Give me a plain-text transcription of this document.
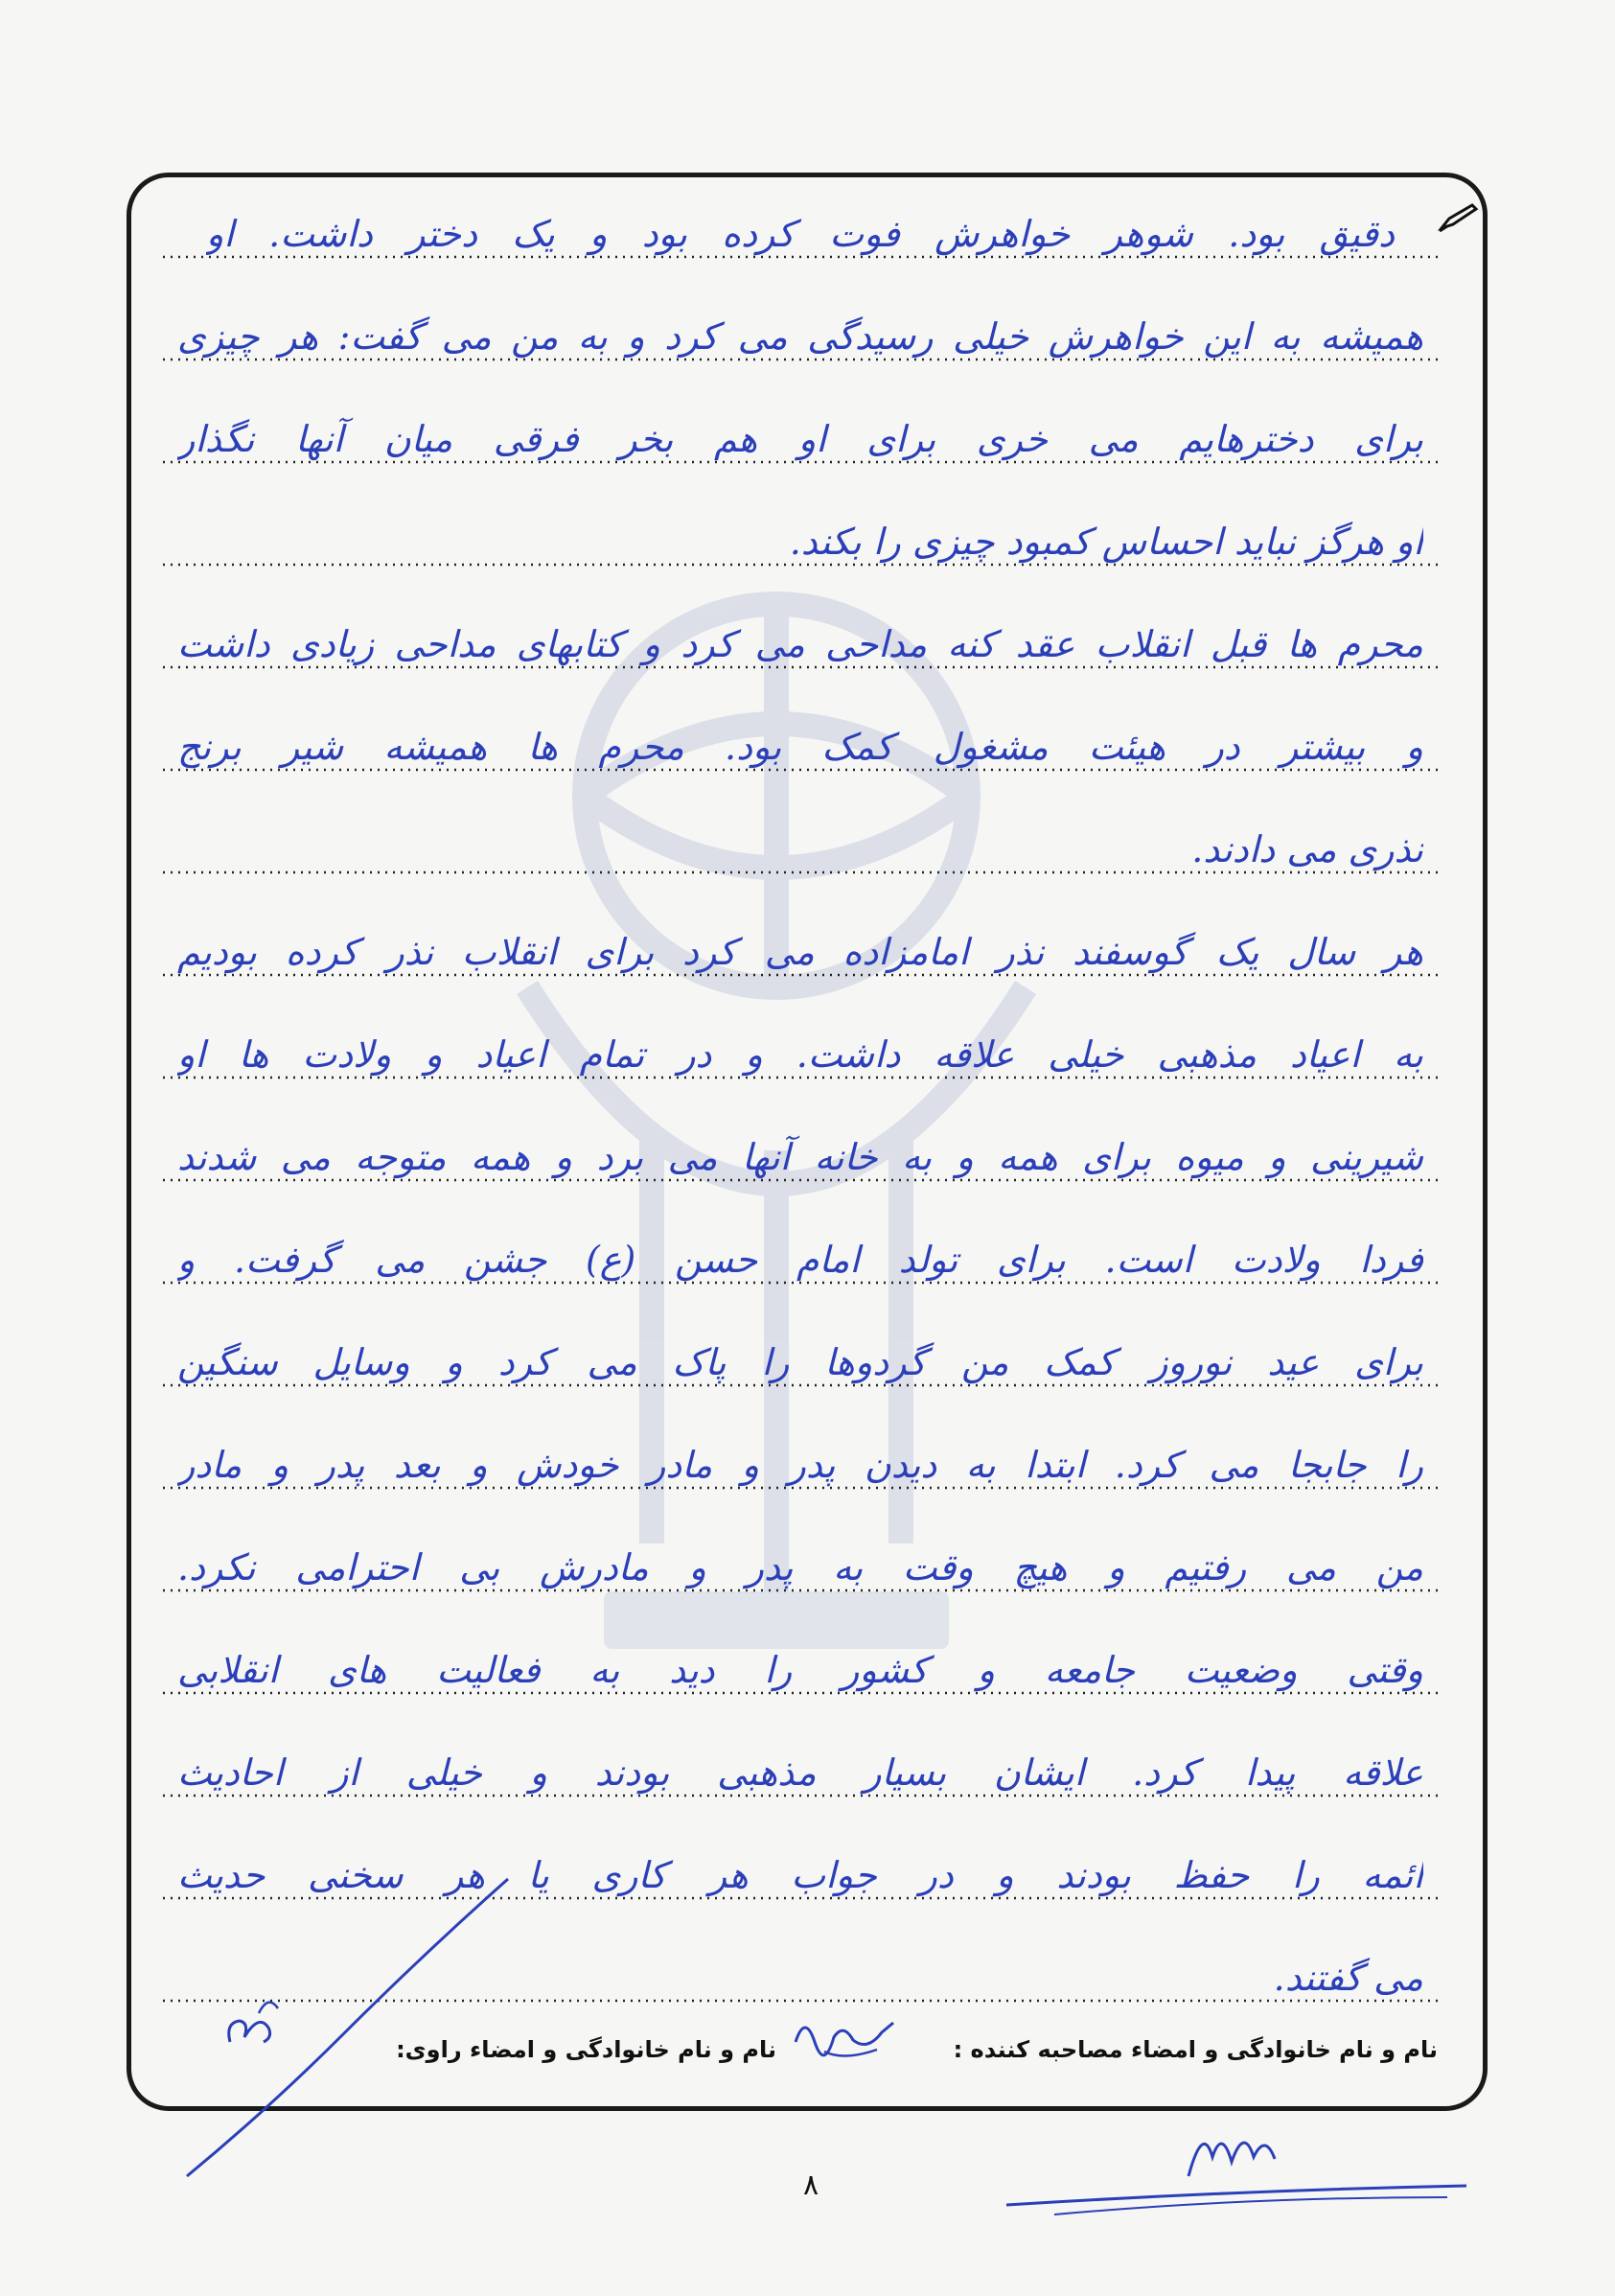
دقیق بود. شوهر خواهرش فوت کرده بود و یک دختر داشت. او
همیشه به این خواهرش خیلی رسیدگی می کرد و به من می گفت: هر چیزی
برای دخترهایم می خری برای او هم بخر فرقی میان آنها نگذار
او هرگز نباید احساس کمبود چیزی را بکند.
محرم ها قبل انقلاب عقد کنه مداحی می کرد و کتابهای مداحی زیادی داشت
و بیشتر در هیئت مشغول کمک بود. محرم ها همیشه شیر برنج
نذری می دادند.
هر سال یک گوسفند نذر امامزاده می کرد برای انقلاب نذر کرده بودیم
به اعیاد مذهبی خیلی علاقه داشت. و در تمام اعیاد و ولادت ها او
شیرینی و میوه برای همه و به خانه آنها می برد و همه متوجه می شدند
فردا ولادت است. برای تولد امام حسن (ع) جشن می گرفت. و
برای عید نوروز کمک من گردوها را پاک می کرد و وسایل سنگین
را جابجا می کرد. ابتدا به دیدن پدر و مادر خودش و بعد پدر و مادر
من می رفتیم و هیچ وقت به پدر و مادرش بی احترامی نکرد.
وقتی وضعیت جامعه و کشور را دید به فعالیت های انقلابی
علاقه پیدا کرد. ایشان بسیار مذهبی بودند و خیلی از احادیث
ائمه را حفظ بودند و در جواب هر کاری یا هر سخنی حدیث
می گفتند.
نام و نام خانوادگی و امضاء مصاحبه کننده :
نام و نام خانوادگی و امضاء راوی:
۸
